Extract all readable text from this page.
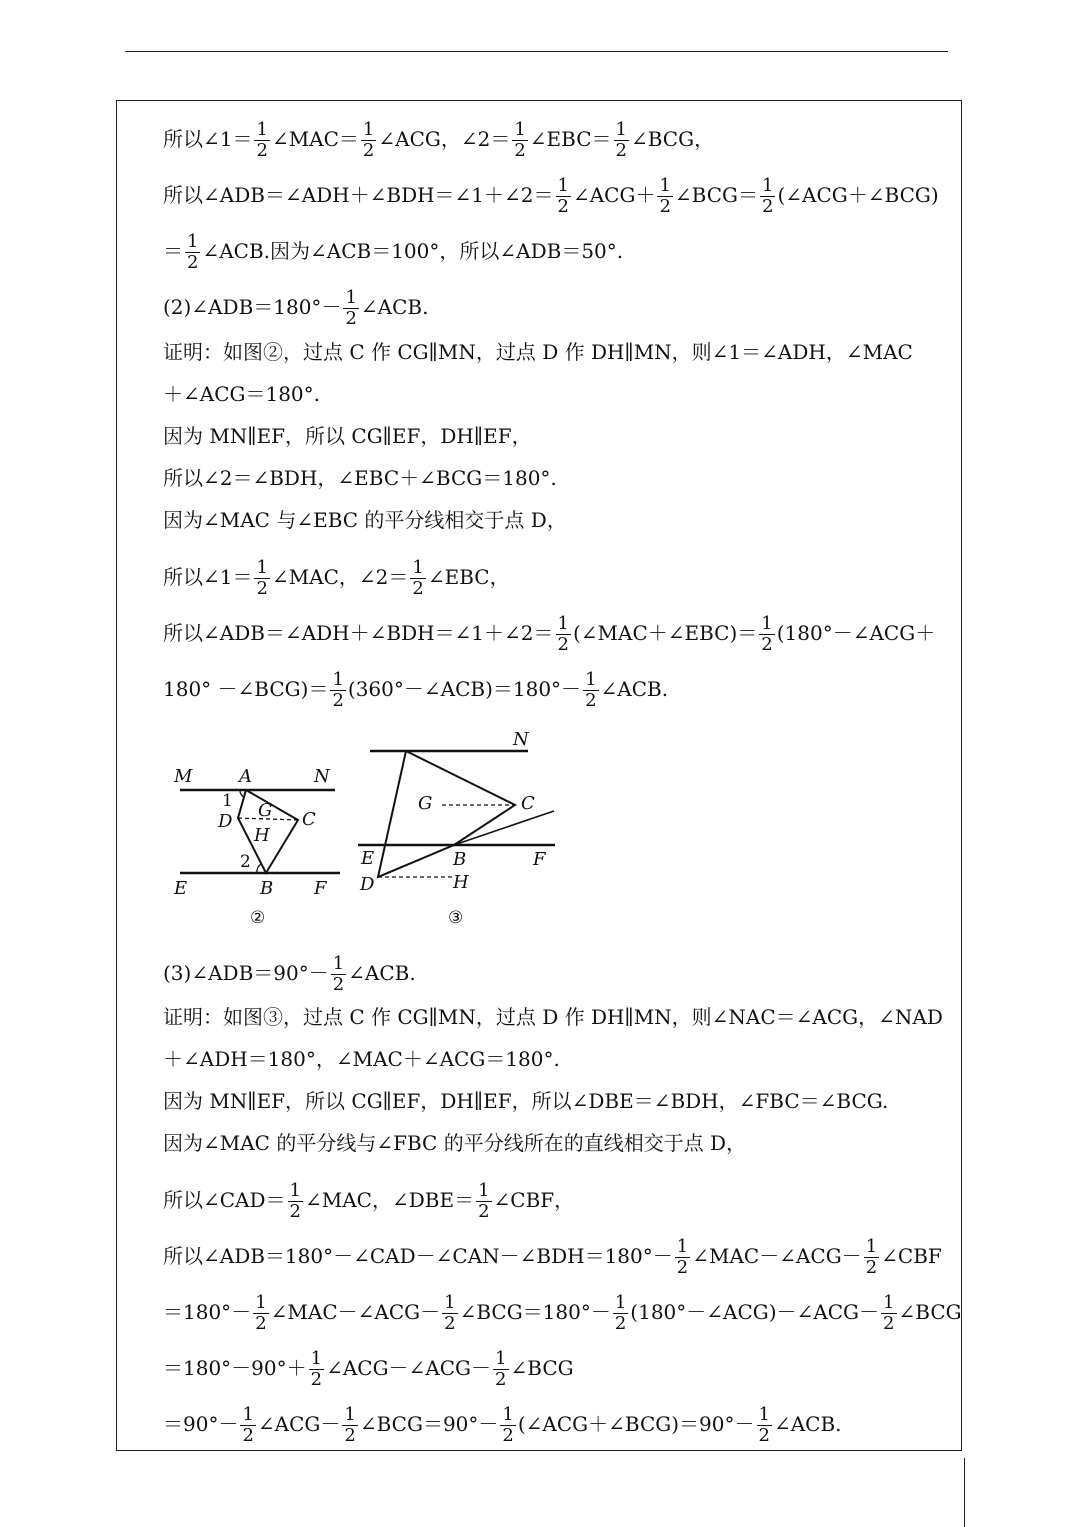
所以∠1＝ $\frac{1}{2}$ ∠MAC＝ $\frac{1}{2}$ ∠ACG，∠2＝ $\frac{1}{2}$ ∠EBC＝ $\frac{1}{2}$ ∠BCG，
所以∠ADB＝∠ADH＋∠BDH＝∠1＋∠2＝ $\frac{1}{2}$ ∠ACG＋ $\frac{1}{2}$ ∠BCG＝ $\frac{1}{2}$ (∠ACG＋∠BCG)
＝ $\frac{1}{2}$ ∠ACB.因为∠ACB＝100°，所以∠ADB＝50°.
(2)∠ADB＝180°－ $\frac{1}{2}$ ∠ACB.
证明：如图②，过点 C 作 CG∥MN，过点 D 作 DH∥MN，则∠1＝∠ADH，∠MAC
＋∠ACG＝180°.
因为 MN∥EF，所以 CG∥EF，DH∥EF，
所以∠2＝∠BDH，∠EBC＋∠BCG＝180°.
因为∠MAC 与∠EBC 的平分线相交于点 D，
所以∠1＝ $\frac{1}{2}$ ∠MAC，∠2＝ $\frac{1}{2}$ ∠EBC，
所以∠ADB＝∠ADH＋∠BDH＝∠1＋∠2＝ $\frac{1}{2}$ (∠MAC＋∠EBC)＝ $\frac{1}{2}$ (180°－∠ACG＋
180° －∠BCG)＝ $\frac{1}{2}$ (360°－∠ACB)＝180°－ $\frac{1}{2}$ ∠ACB.
(3)∠ADB＝90°－ $\frac{1}{2}$ ∠ACB.
证明：如图③，过点 C 作 CG∥MN，过点 D 作 DH∥MN，则∠NAC＝∠ACG，∠NAD
＋∠ADH＝180°，∠MAC＋∠ACG＝180°.
因为 MN∥EF，所以 CG∥EF，DH∥EF，所以∠DBE＝∠BDH，∠FBC＝∠BCG.
因为∠MAC 的平分线与∠FBC 的平分线所在的直线相交于点 D，
所以∠CAD＝ $\frac{1}{2}$ ∠MAC，∠DBE＝ $\frac{1}{2}$ ∠CBF，
所以∠ADB＝180°－∠CAD－∠CAN－∠BDH＝180°－ $\frac{1}{2}$ ∠MAC－∠ACG－ $\frac{1}{2}$ ∠CBF
$=180^\circ- \frac{1}{2}$ ∠MAC－∠ACG－ $\frac{1}{2}$ ∠BCG＝180°－ $\frac{1}{2}$ (180°－∠ACG)－∠ACG－ $\frac{1}{2}$ ∠BCG
$=180^\circ-90^\circ+ \frac{1}{2}$ ∠ACG－∠ACG－ $\frac{1}{2}$ ∠BCG
$=90^\circ- \frac{1}{2}$ ∠ACG－ $\frac{1}{2}$ ∠BCG＝90°－ $\frac{1}{2}$ (∠ACG＋∠BCG)＝90°－ $\frac{1}{2}$ ∠ACB.
M	A	N
1
D
G C
H
2
E	B F
②
N
G	C
E	B	F
D	H
③
